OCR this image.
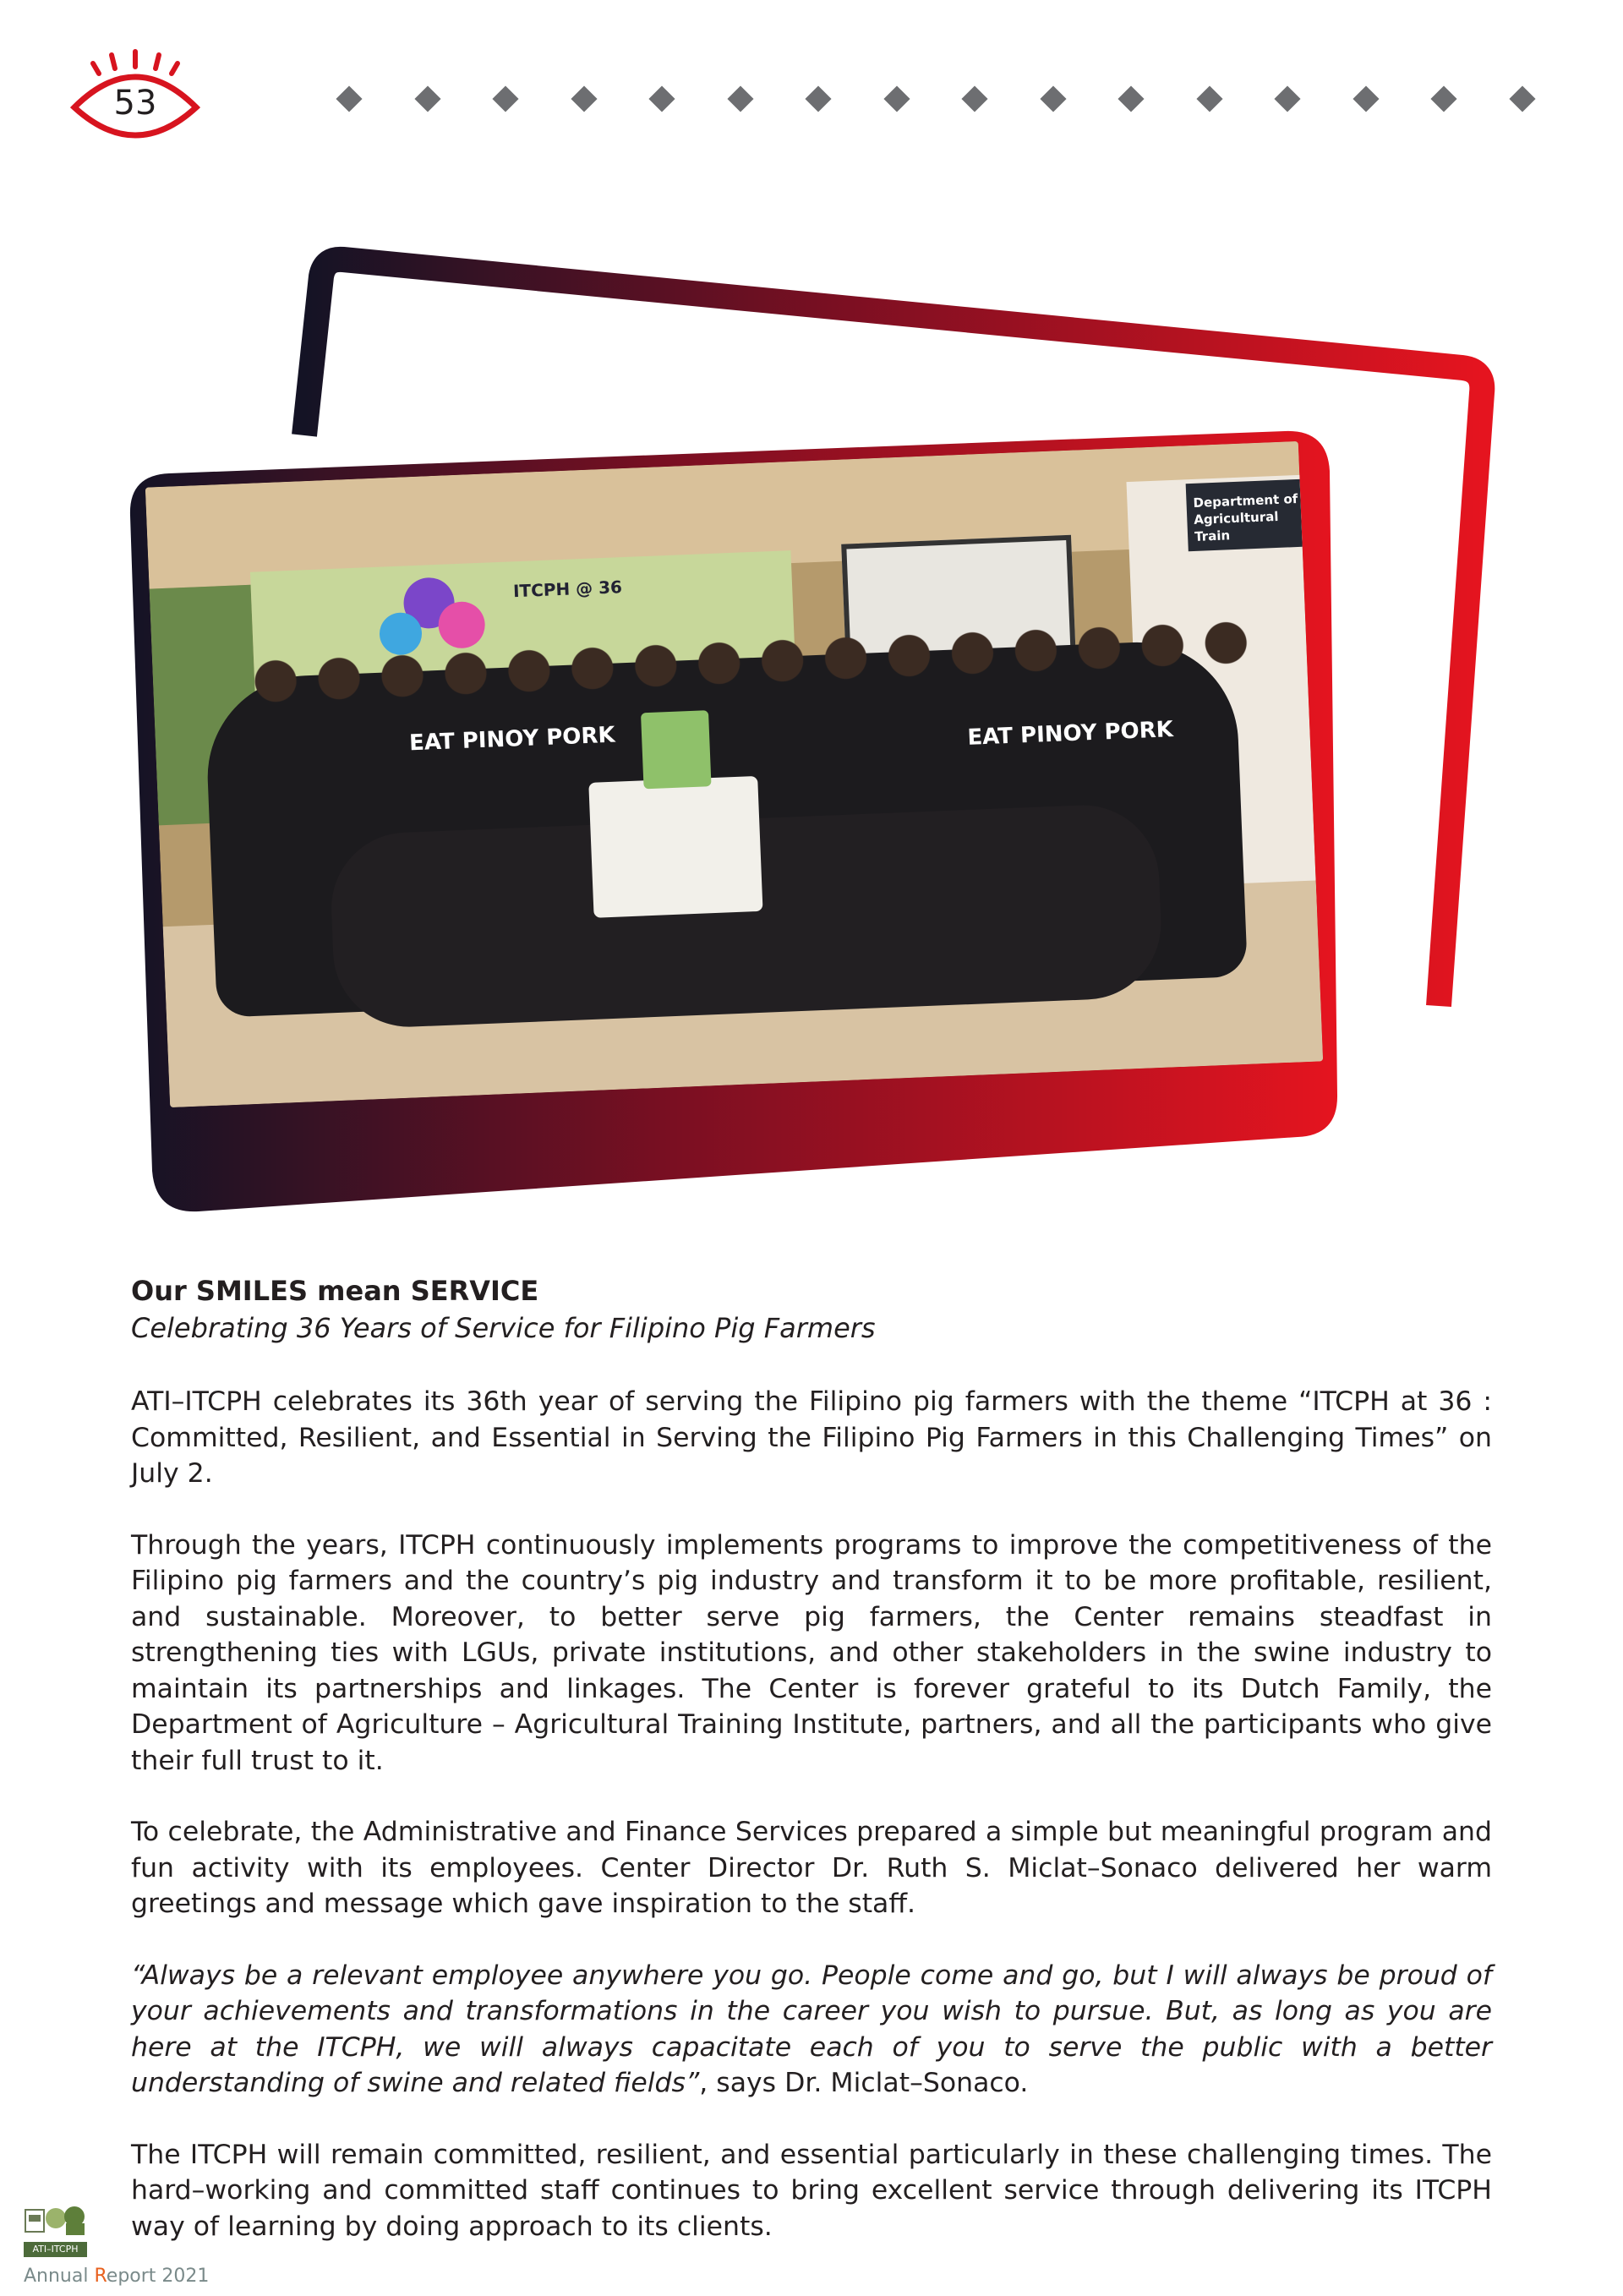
53
ITCPH @ 36
Department of Agricultural Train
EAT PINOY PORK	EAT PINOY PORK
Our SMILES mean SERVICE

Celebrating 36 Years of Service for Filipino Pig Farmers

ATI–ITCPH celebrates its 36th year of serving the Filipino pig farmers with the theme “ITCPH at 36 : Committed, Resilient, and Essential in Serving the Filipino Pig Farmers in this Challenging Times” on July 2.

Through the years, ITCPH continuously implements programs to improve the competitiveness of the Filipino pig farmers and the country’s pig industry and transform it to be more profitable, resilient, and sustainable. Moreover, to better serve pig farmers, the Center remains steadfast in strengthening ties with LGUs, private institutions, and other stakeholders in the swine industry to maintain its partnerships and linkages. The Center is forever grateful to its Dutch Family, the Department of Agriculture – Agricultural Training Institute, partners, and all the participants who give their full trust to it.

To celebrate, the Administrative and Finance Services prepared a simple but meaningful program and fun activity with its employees. Center Director Dr. Ruth S. Miclat–Sonaco delivered her warm greetings and message which gave inspiration to the staff.

“Always be a relevant employee anywhere you go. People come and go, but I will always be proud of your achievements and transformations in the career you wish to pursue. But, as long as you are here at the ITCPH, we will always capacitate each of you to serve the public with a better understanding of swine and related fields”, says Dr. Miclat–Sonaco.

The ITCPH will remain committed, resilient, and essential particularly in these challenging times. The hard–working and committed staff continues to bring excellent service through delivering its ITCPH way of learning by doing approach to its clients.

ATI–ITCPH
Annual Report 2021
